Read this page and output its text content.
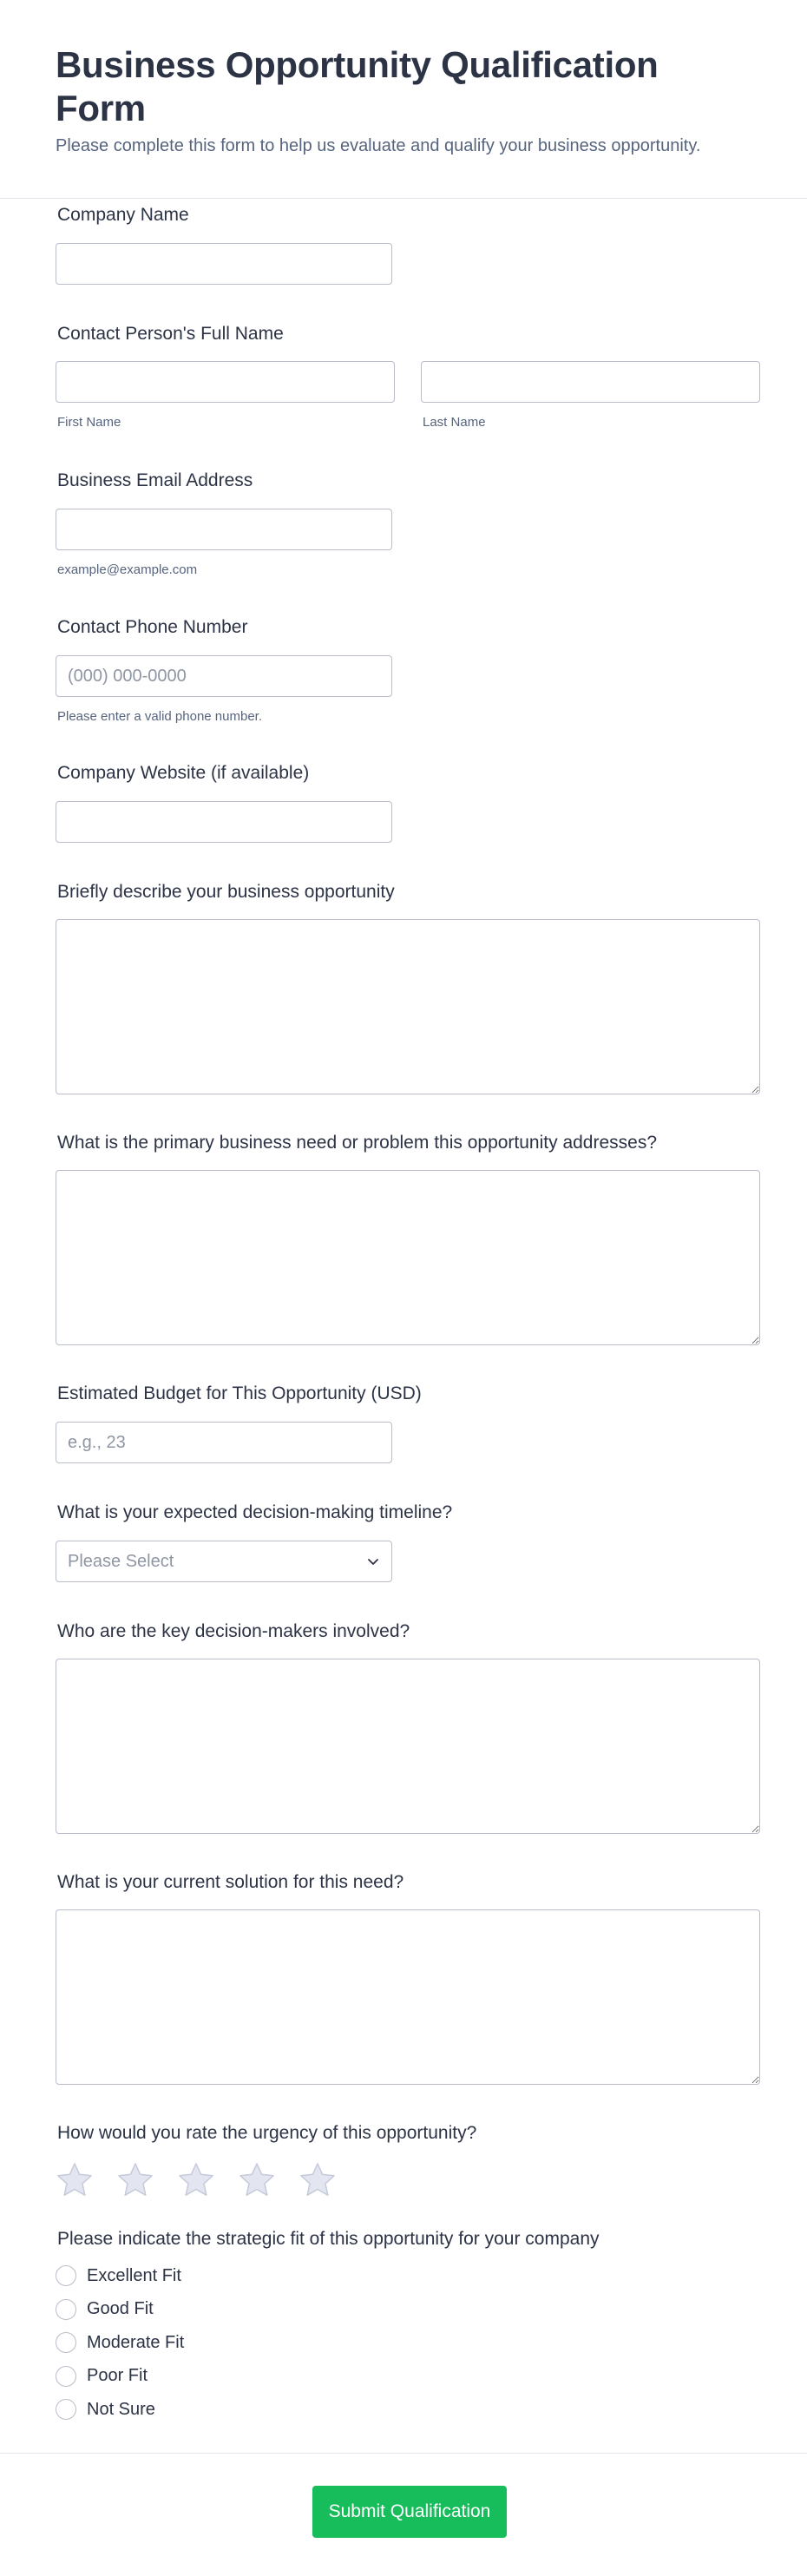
Business Opportunity Qualification Form
Please complete this form to help us evaluate and qualify your business opportunity.
Company Name
Contact Person's Full Name
First Name	Last Name
Business Email Address
example@example.com
Contact Phone Number
(000) 000-0000
Please enter a valid phone number.
Company Website (if available)
Briefly describe your business opportunity
What is the primary business need or problem this opportunity addresses?
Estimated Budget for This Opportunity (USD)
e.g., 23
What is your expected decision-making timeline?
Please Select
Who are the key decision-makers involved?
What is your current solution for this need?
How would you rate the urgency of this opportunity?
Please indicate the strategic fit of this opportunity for your company
Excellent Fit
Good Fit
Moderate Fit
Poor Fit
Not Sure
Submit Qualification
